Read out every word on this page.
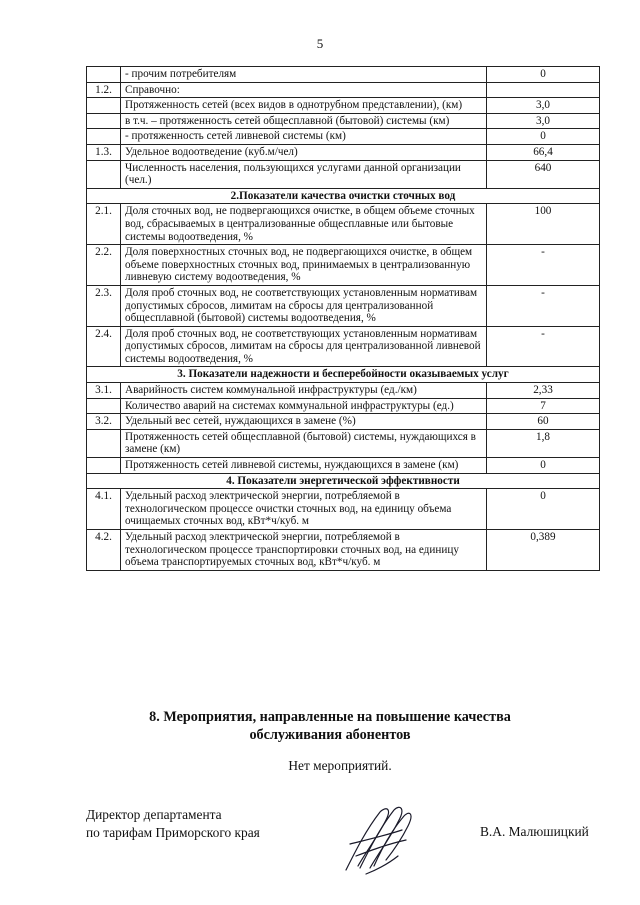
5
	- прочим потребителям	0
1.2.	Справочно:	
	Протяженность сетей (всех видов в однотрубном представлении), (км)	3,0
	в т.ч. – протяженность сетей общесплавной (бытовой) системы (км)	3,0
	- протяженность сетей ливневой системы (км)	0
1.3.	Удельное водоотведение (куб.м/чел)	66,4
	Численность населения, пользующихся услугами данной организации (чел.)	640
2.Показатели качества очистки сточных вод		
2.1.	Доля сточных вод, не подвергающихся очистке, в общем объеме сточных вод, сбрасываемых в централизованные общесплавные или бытовые системы водоотведения, %	100
2.2.	Доля поверхностных сточных вод, не подвергающихся очистке, в общем объеме поверхностных сточных вод, принимаемых в централизованную ливневую систему водоотведения, %	-
2.3.	Доля проб сточных вод, не соответствующих установленным нормативам допустимых сбросов, лимитам на сбросы для централизованной общесплавной (бытовой) системы водоотведения, %	-
2.4.	Доля проб сточных вод, не соответствующих установленным нормативам допустимых сбросов, лимитам на сбросы для централизованной ливневой системы водоотведения, %	-
3. Показатели надежности и бесперебойности оказываемых услуг		
3.1.	Аварийность систем коммунальной инфраструктуры (ед./км)	2,33
	Количество аварий на системах коммунальной инфраструктуры (ед.)	7
3.2.	Удельный вес сетей, нуждающихся в замене (%)	60
	Протяженность сетей общесплавной (бытовой) системы, нуждающихся в замене (км)	1,8
	Протяженность сетей ливневой системы, нуждающихся в замене (км)	0
4. Показатели энергетической эффективности		
4.1.	Удельный расход электрической энергии, потребляемой в технологическом процессе очистки сточных вод, на единицу объема очищаемых сточных вод, кВт*ч/куб. м	0
4.2.	Удельный расход электрической энергии, потребляемой в технологическом процессе транспортировки сточных вод, на единицу объема транспортируемых сточных вод, кВт*ч/куб. м	0,389
8. Мероприятия, направленные на повышение качества
обслуживания абонентов
Нет мероприятий.
Директор департамента
по тарифам Приморского края	В.А. Малюшицкий
